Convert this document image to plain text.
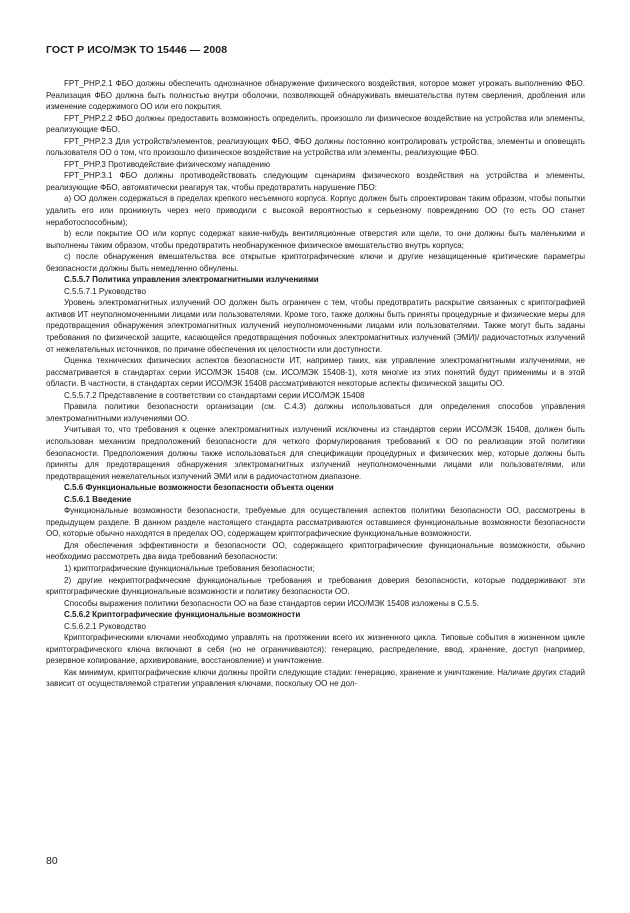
ГОСТ Р ИСО/МЭК ТО 15446 — 2008

FPT_PHP.2.1 ФБО должны обеспечить однозначное обнаружение физического воздействия, которое может угрожать выполнению ФБО. Реализация ФБО должна быть полностью внутри оболочки, позволяющей обнаруживать вмешательства путем сверления, дробления или изменение содержимого ОО или его покрытия.

FPT_PHP.2.2 ФБО должны предоставить возможность определить, произошло ли физическое воздействие на устройства или элементы, реализующие ФБО.

FPT_PHP.2.3 Для устройств/элементов, реализующих ФБО, ФБО должны постоянно контролировать устройства, элементы и оповещать пользователя ОО о том, что произошло физическое воздействие на устройства или элементы, реализующие ФБО.

FPT_PHP.3 Противодействие физическому нападению

FPT_PHP.3.1 ФБО должны противодействовать следующим сценариям физического воздействия на устройства и элементы, реализующие ФБО, автоматически реагируя так, чтобы предотвратить нарушение ПБО:

а) ОО должен содержаться в пределах крепкого несъемного корпуса. Корпус должен быть спроектирован таким образом, чтобы попытки удалить его или проникнуть через него приводили с высокой вероятностью к серьезному повреждению ОО (то есть ОО станет неработоспособным);

b) если покрытие ОО или корпус содержат какие-нибудь вентиляционные отверстия или щели, то они должны быть маленькими и выполнены таким образом, чтобы предотвратить необнаруженное физическое вмешательство внутрь корпуса;

с) после обнаружения вмешательства все открытые криптографические ключи и другие незащищенные критические параметры безопасности должны быть немедленно обнулены.

С.5.5.7 Политика управления электромагнитными излучениями

С.5.5.7.1 Руководство

Уровень электромагнитных излучений ОО должен быть ограничен с тем, чтобы предотвратить раскрытие связанных с криптографией активов ИТ неуполномоченными лицами или пользователями. Кроме того, также должны быть приняты процедурные и физические меры для предотвращения обнаружения электромагнитных излучений неуполномоченными лицами или пользователями. Также могут быть заданы требования по физической защите, касающейся предотвращения побочных электромагнитных излучений (ЭМИ)/ радиочастотных излучений от нежелательных источников, по причине обеспечения их целостности или доступности.

Оценка технических физических аспектов безопасности ИТ, например таких, как управление электромагнитными излучениями, не рассматривается в стандартах серии ИСО/МЭК 15408 (см. ИСО/МЭК 15408-1), хотя многие из этих понятий будут применимы и в этой области. В частности, в стандартах серии ИСО/МЭК 15408 рассматриваются некоторые аспекты физической защиты ОО.

С.5.5.7.2 Представление в соответствии со стандартами серии ИСО/МЭК 15408

Правила политики безопасности организации (см. С.4.3) должны использоваться для определения способов управления электромагнитными излучениями ОО.

Учитывая то, что требования к оценке электромагнитных излучений исключены из стандартов серии ИСО/МЭК 15408, должен быть использован механизм предположений безопасности для четкого формулирования требований к ОО по реализации этой политики безопасности. Предположения должны также использоваться для спецификации процедурных и физических мер, которые должны быть приняты для предотвращения обнаружения электромагнитных излучений неуполномоченными лицами или пользователями, или предотвращения нежелательных излучений ЭМИ или в радиочастотном диапазоне.

С.5.6 Функциональные возможности безопасности объекта оценки

С.5.6.1 Введение

Функциональные возможности безопасности, требуемые для осуществления аспектов политики безопасности ОО, рассмотрены в предыдущем разделе. В данном разделе настоящего стандарта рассматриваются оставшиеся функциональные возможности безопасности ОО, которые обычно находятся в пределах ОО, содержащем криптографические функциональные возможности.

Для обеспечения эффективности и безопасности ОО, содержащего криптографические функциональные возможности, обычно необходимо рассмотреть два вида требований безопасности:

1) криптографические функциональные требования безопасности;

2) другие некриптографические функциональные требования и требования доверия безопасности, которые поддерживают эти криптографические функциональные возможности и политику безопасности ОО.

Способы выражения политики безопасности ОО на базе стандартов серии ИСО/МЭК 15408 изложены в С.5.5.

С.5.6.2 Криптографические функциональные возможности

С.5.6.2.1 Руководство

Криптографическими ключами необходимо управлять на протяжении всего их жизненного цикла. Типовые события в жизненном цикле криптографического ключа включают в себя (но не ограничиваются): генерацию, распределение, ввод, хранение, доступ (например, резервное копирование, архивирование, восстановление) и уничтожение.

Как минимум, криптографические ключи должны пройти следующие стадии: генерацию, хранение и уничтожение. Наличие других стадий зависит от осуществляемой стратегии управления ключами, поскольку ОО не дол-

80
